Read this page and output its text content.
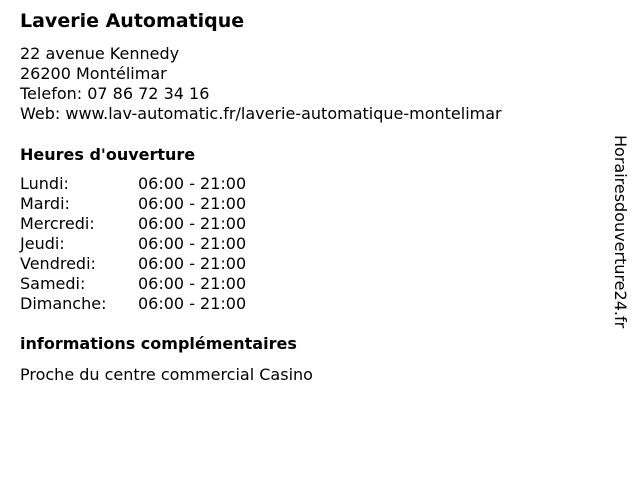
Laverie Automatique
22 avenue Kennedy
26200 Montélimar
Telefon: 07 86 72 34 16
Web: www.lav-automatic.fr/laverie-automatique-montelimar
Heures d'ouverture
Lundi:	06:00 - 21:00
Mardi:	06:00 - 21:00
Mercredi:	06:00 - 21:00
Jeudi:	06:00 - 21:00
Vendredi:	06:00 - 21:00
Samedi:	06:00 - 21:00
Dimanche:	06:00 - 21:00
informations complémentaires
Proche du centre commercial Casino
Horairesdouverture24.fr
